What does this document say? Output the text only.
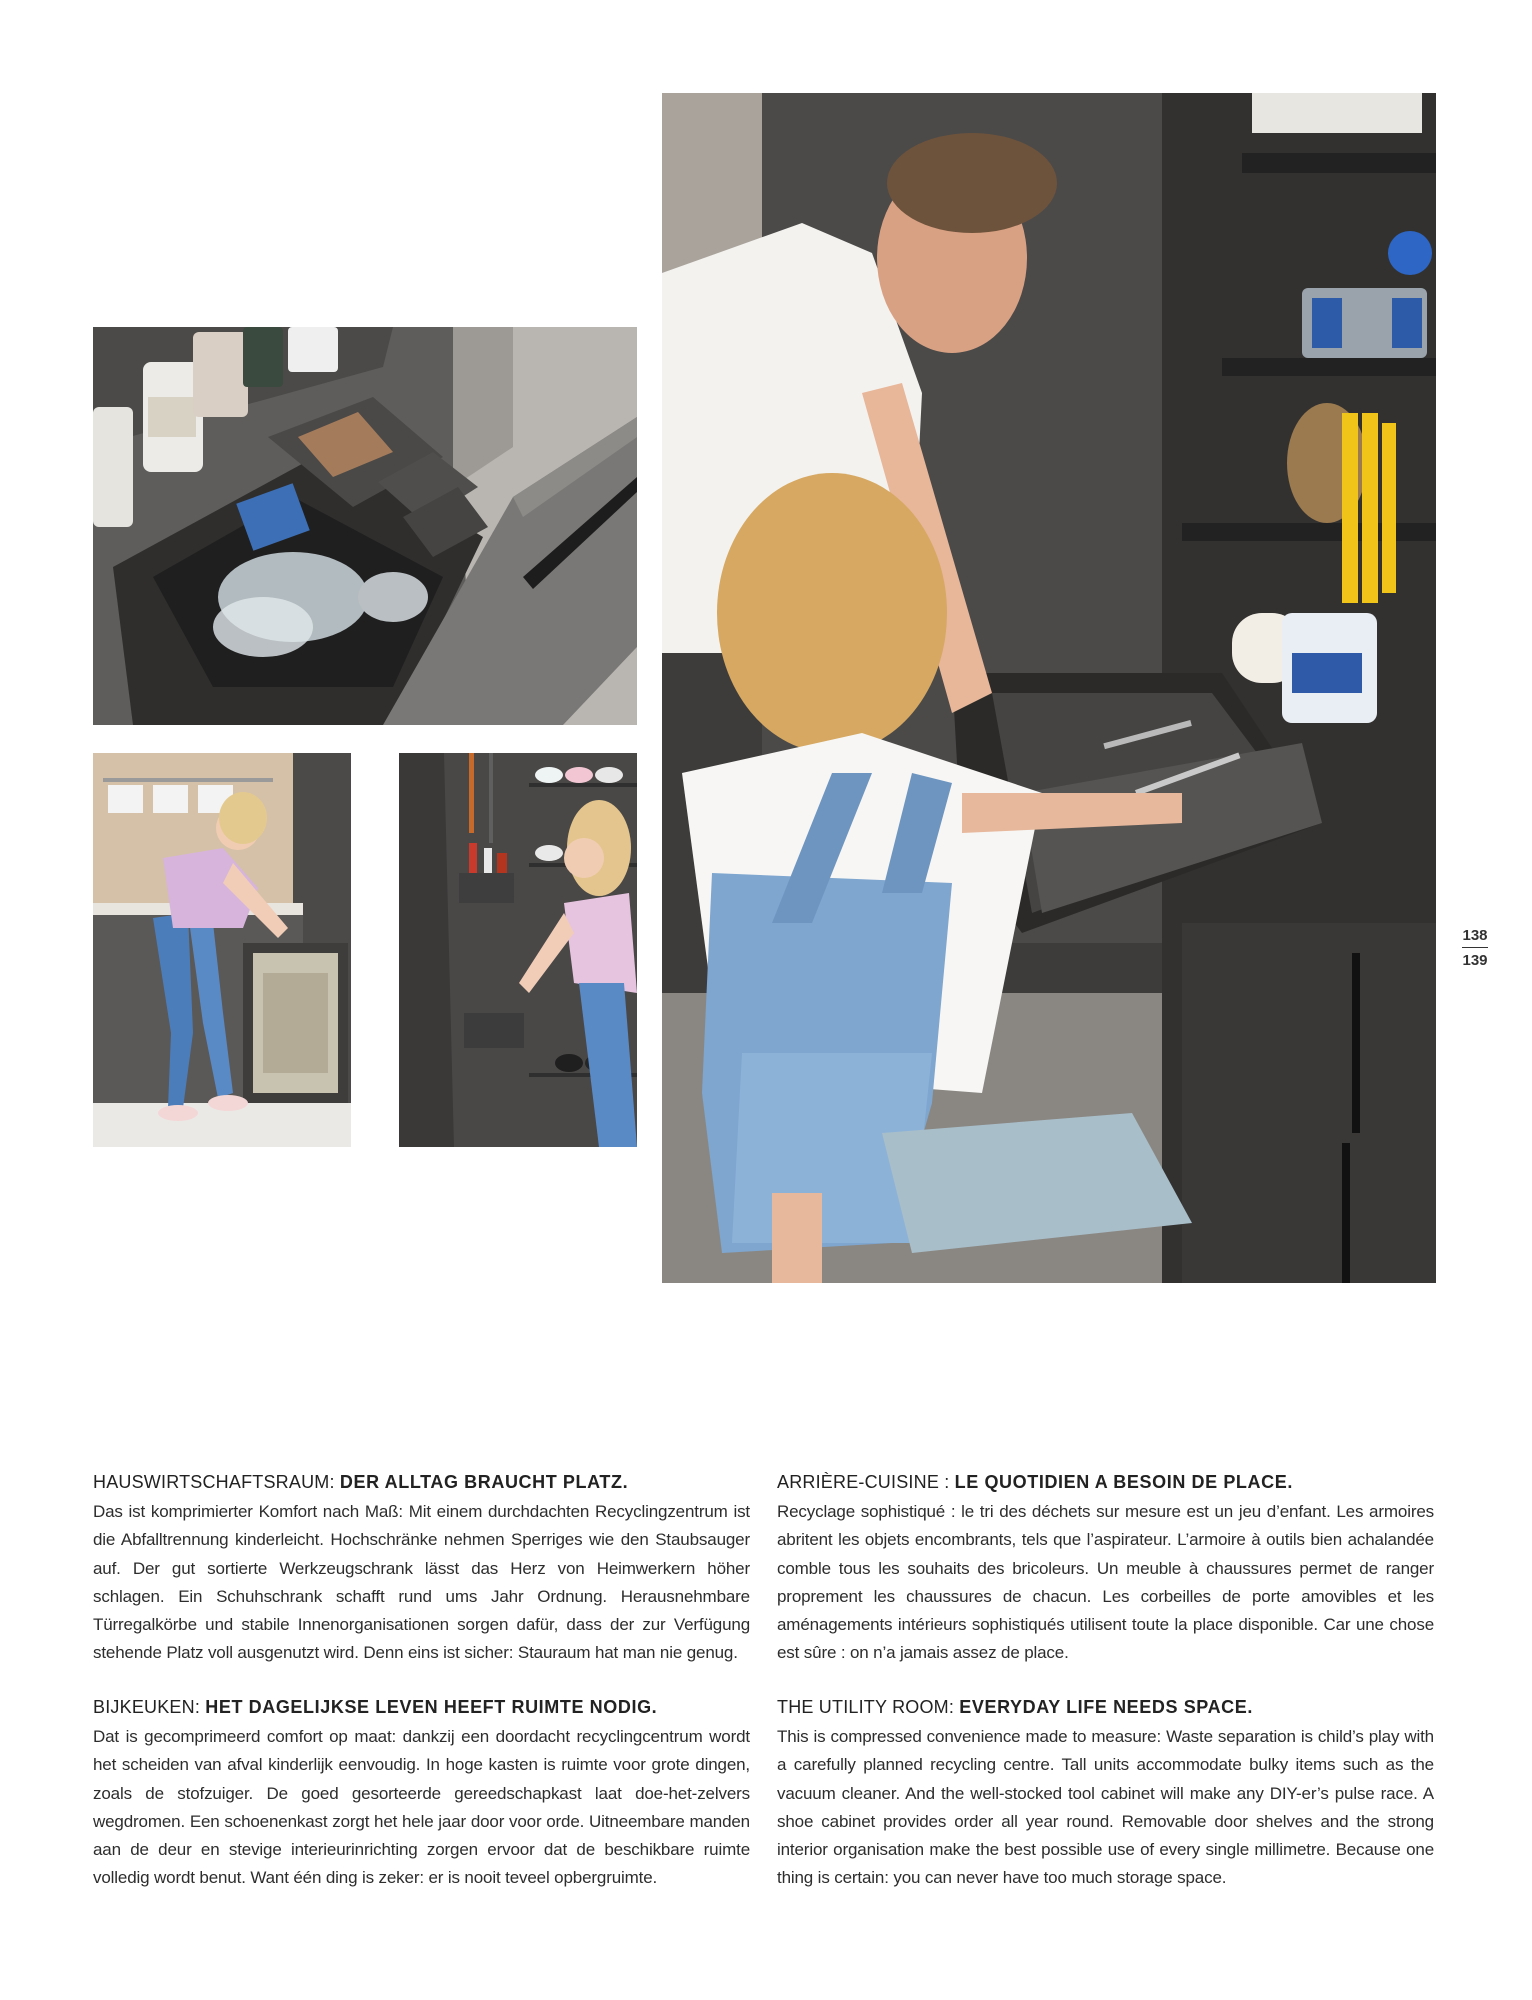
138
139
HAUSWIRTSCHAFTSRAUM: DER ALLTAG BRAUCHT PLATZ.

Das ist komprimierter Komfort nach Maß: Mit einem durchdachten Recyclingzentrum ist die Abfalltrennung kinderleicht. Hochschränke nehmen Sperriges wie den Staubsauger auf. Der gut sortierte Werkzeugschrank lässt das Herz von Heimwerkern höher schlagen. Ein Schuhschrank schafft rund ums Jahr Ordnung. Herausnehmbare Türregalkörbe und stabile Innenorganisationen sorgen dafür, dass der zur Verfügung stehende Platz voll ausgenutzt wird. Denn eins ist sicher: Stauraum hat man nie genug.

ARRIÈRE-CUISINE : LE QUOTIDIEN A BESOIN DE PLACE.

Recyclage sophistiqué : le tri des déchets sur mesure est un jeu d’enfant. Les armoires abritent les objets encombrants, tels que l’aspirateur. L’armoire à outils bien achalandée comble tous les souhaits des bricoleurs. Un meuble à chaussures permet de ranger proprement les chaussures de chacun. Les corbeilles de porte amovibles et les aménagements intérieurs sophistiqués utilisent toute la place disponible. Car une chose est sûre : on n’a jamais assez de place.

BIJKEUKEN: HET DAGELIJKSE LEVEN HEEFT RUIMTE NODIG.

Dat is gecomprimeerd comfort op maat: dankzij een doordacht recyclingcentrum wordt het scheiden van afval kinderlijk eenvoudig. In hoge kasten is ruimte voor grote dingen, zoals de stofzuiger. De goed gesorteerde gereedschapkast laat doe-het-zelvers wegdromen. Een schoenenkast zorgt het hele jaar door voor orde. Uitneembare manden aan de deur en stevige interieurinrichting zorgen ervoor dat de beschikbare ruimte volledig wordt benut. Want één ding is zeker: er is nooit teveel opbergruimte.

THE UTILITY ROOM: EVERYDAY LIFE NEEDS SPACE.

This is compressed convenience made to measure: Waste separation is child’s play with a carefully planned recycling centre. Tall units accommodate bulky items such as the vacuum cleaner. And the well-stocked tool cabinet will make any DIY-er’s pulse race. A shoe cabinet provides order all year round. Removable door shelves and the strong interior organisation make the best possible use of every single millimetre. Because one thing is certain: you can never have too much storage space.
